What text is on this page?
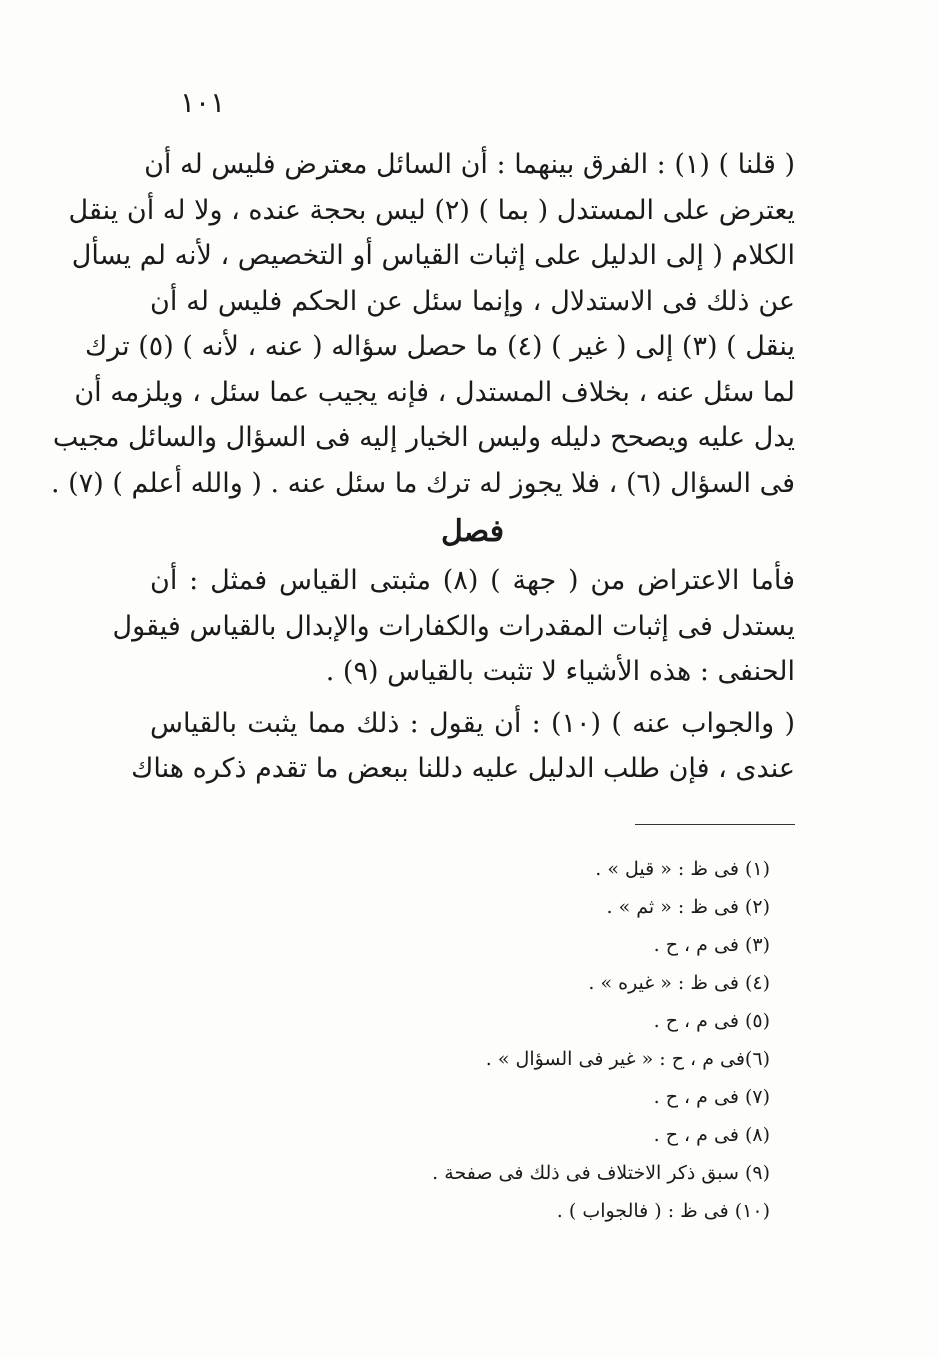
١٠١
( قلنا ) (١) : الفرق بينهما : أن السائل معترض فليس له أن
يعترض على المستدل ( بما ) (٢) ليس بحجة عنده ، ولا له أن ينقل
الكلام ( إلى الدليل على إثبات القياس أو التخصيص ، لأنه لم يسأل
عن ذلك فى الاستدلال ، وإنما سئل عن الحكم فليس له أن
ينقل ) (٣) إلى ( غير ) (٤) ما حصل سؤاله ( عنه ، لأنه ) (٥) ترك
لما سئل عنه ، بخلاف المستدل ، فإنه يجيب عما سئل ، ويلزمه أن
يدل عليه ويصحح دليله وليس الخيار إليه فى السؤال والسائل مجيب
فى السؤال (٦) ، فلا يجوز له ترك ما سئل عنه . ( والله أعلم ) (٧) .
فصل
فأما الاعتراض من ( جهة ) (٨) مثبتى القياس فمثل : أن
يستدل فى إثبات المقدرات والكفارات والإبدال بالقياس فيقول
الحنفى : هذه الأشياء لا تثبت بالقياس (٩) .
( والجواب عنه ) (١٠) : أن يقول : ذلك مما يثبت بالقياس
عندى ، فإن طلب الدليل عليه دللنا ببعض ما تقدم ذكره هناك
(١) فى ظ : « قيل » .
(٢) فى ظ : « ثم » .
(٣) فى م ، ح .
(٤) فى ظ : « غيره » .
(٥) فى م ، ح .
(٦)فى م ، ح : « غير فى السؤال » .
(٧) فى م ، ح .
(٨) فى م ، ح .
(٩) سبق ذكر الاختلاف فى ذلك فى صفحة .
(١٠) فى ظ : ( فالجواب ) .
